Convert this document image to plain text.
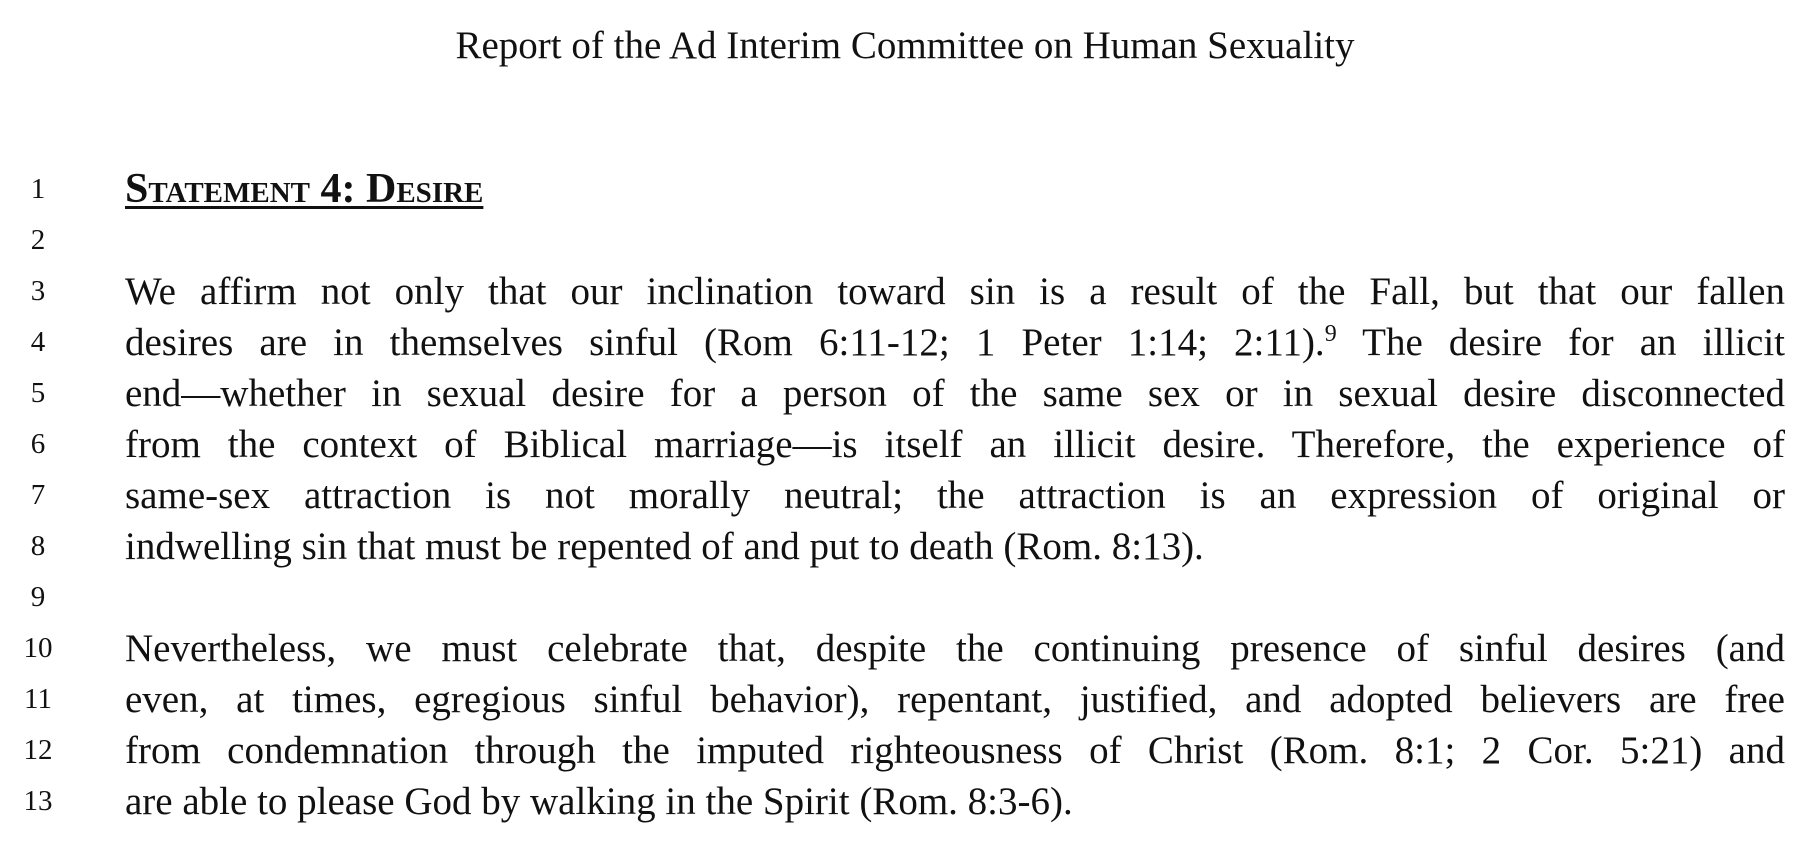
Report of the Ad Interim Committee on Human Sexuality
1
2
3
4
5
6
7
8
9
10
11
12
13
Statement 4: Desire
We affirm not only that our inclination toward sin is a result of the Fall, but that our fallen
desires are in themselves sinful (Rom 6:11-12; 1 Peter 1:14; 2:11).$^9$ The desire for an illicit
end—whether in sexual desire for a person of the same sex or in sexual desire disconnected
from the context of Biblical marriage—is itself an illicit desire. Therefore, the experience of
same-sex attraction is not morally neutral; the attraction is an expression of original or
indwelling sin that must be repented of and put to death (Rom. 8:13).
Nevertheless, we must celebrate that, despite the continuing presence of sinful desires (and
even, at times, egregious sinful behavior), repentant, justified, and adopted believers are free
from condemnation through the imputed righteousness of Christ (Rom. 8:1; 2 Cor. 5:21) and
are able to please God by walking in the Spirit (Rom. 8:3-6).
